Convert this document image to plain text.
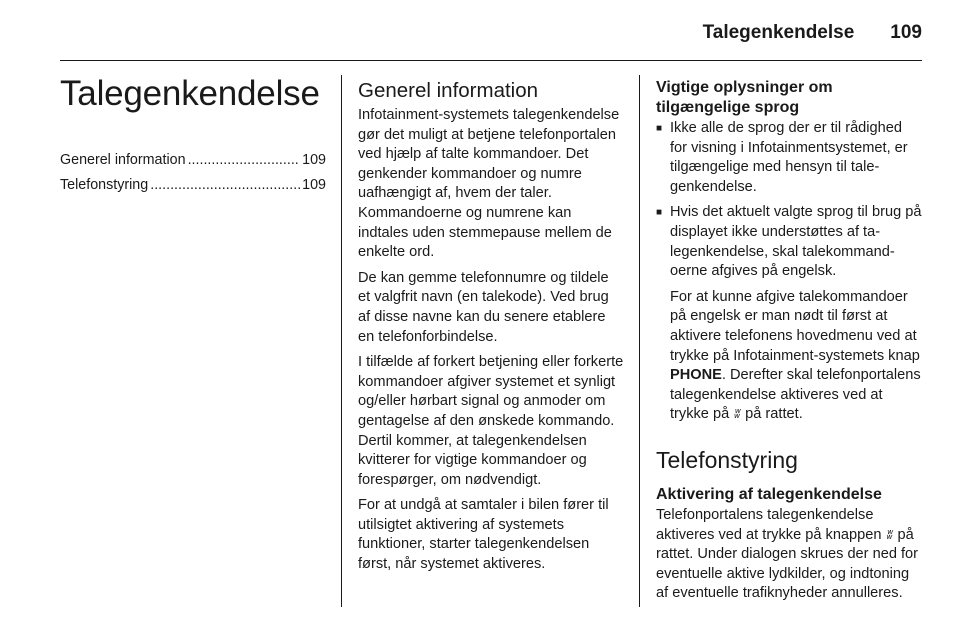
Talegenkendelse 109
Talegenkendelse
Generel information .....	109
Telefonstyring .....	109
Generel information

Infotainment-systemets talegenkendelse gør det muligt at betjene telefonportalen ved hjælp af talte kommandoer. Det genkender kommandoer og numre uafhængigt af, hvem der taler. Kommandoerne og numrene kan indtales uden stemmepause mellem de enkelte ord.

De kan gemme telefonnumre og tildele et valgfrit navn (en talekode). Ved brug af disse navne kan du senere etablere en telefonforbindelse.

I tilfælde af forkert betjening eller forkerte kommandoer afgiver systemet et synligt og/eller hørbart signal og anmoder om gentagelse af den ønskede kommando. Dertil kommer, at talegenkendelsen kvitterer for vigtige kommandoer og forespørger, om nødvendigt.

For at undgå at samtaler i bilen fører til utilsigtet aktivering af systemets funktioner, starter talegenkendelsen først, når systemet aktiveres.

Vigtige oplysninger om tilgængelige sprog
■ Ikke alle de sprog der er til rådighed for visning i Infotainmentsystemet, er tilgængelige med hensyn til talegenkendelse.
■ Hvis det aktuelt valgte sprog til brug på displayet ikke understøttes af talegenkendelse, skal talekommandoerne afgives på engelsk.
For at kunne afgive talekommandoer på engelsk er man nødt til først at aktivere telefonens hovedmenu ved at trykke på Infotainment-systemets knap PHONE. Derefter skal telefonportalens talegenkendelse aktiveres ved at trykke på ʬ på rattet.
Telefonstyring
Aktivering af talegenkendelse

Telefonportalens talegenkendelse aktiveres ved at trykke på knappen ʬ på rattet. Under dialogen skrues der ned for eventuelle aktive lydkilder, og indtoning af eventuelle trafiknyheder annulleres.
